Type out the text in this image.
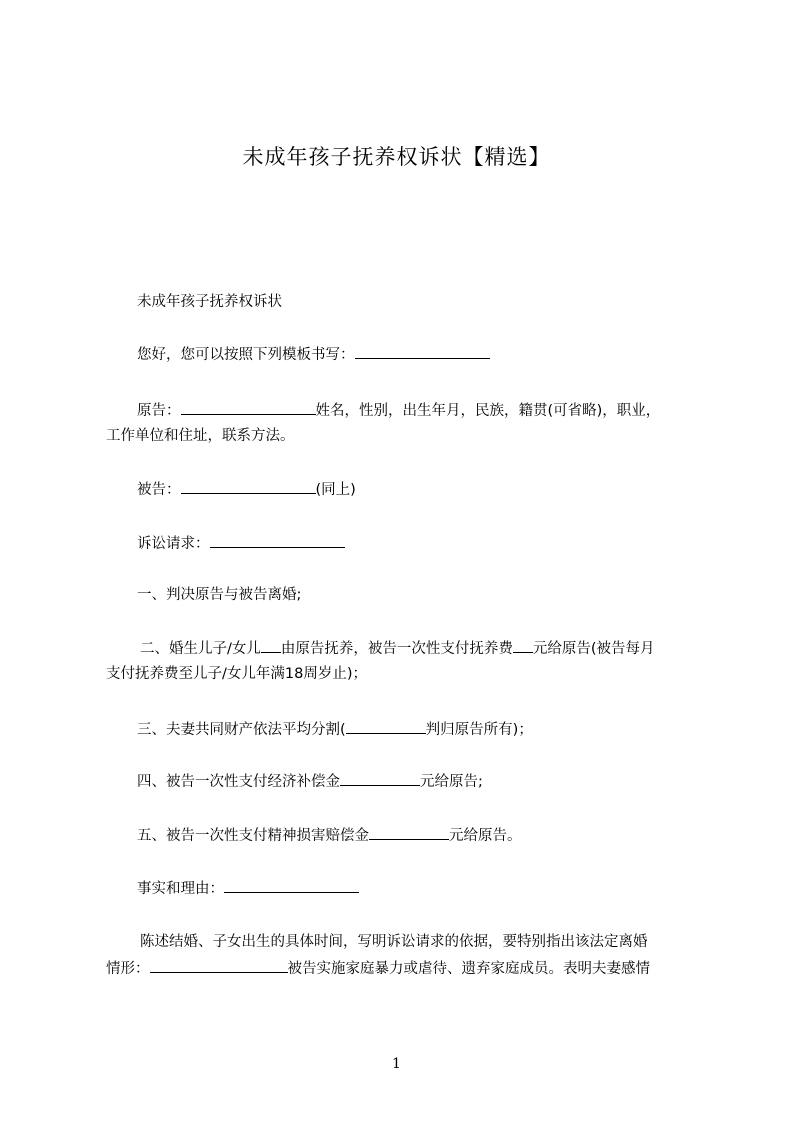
未成年孩子抚养权诉状【精选】
未成年孩子抚养权诉状
您好，您可以按照下列模板书写：
原告：	姓名，性别，出生年月，民族，籍贯(可省略)，职业，
工作单位和住址，联系方法。
被告：	(同上)
诉讼请求：
一、判决原告与被告离婚;
二、婚生儿子/女儿 由原告抚养，被告一次性支付抚养费 元给原告(被告每月
支付抚养费至儿子/女儿年满18周岁止)；
三、夫妻共同财产依法平均分割(	判归原告所有)；
四、被告一次性支付经济补偿金	元给原告;
五、被告一次性支付精神损害赔偿金	元给原告。
事实和理由：
陈述结婚、子女出生的具体时间，写明诉讼请求的依据，要特别指出该法定离婚
情形：	被告实施家庭暴力或虐待、遗弃家庭成员。表明夫妻感情
1
